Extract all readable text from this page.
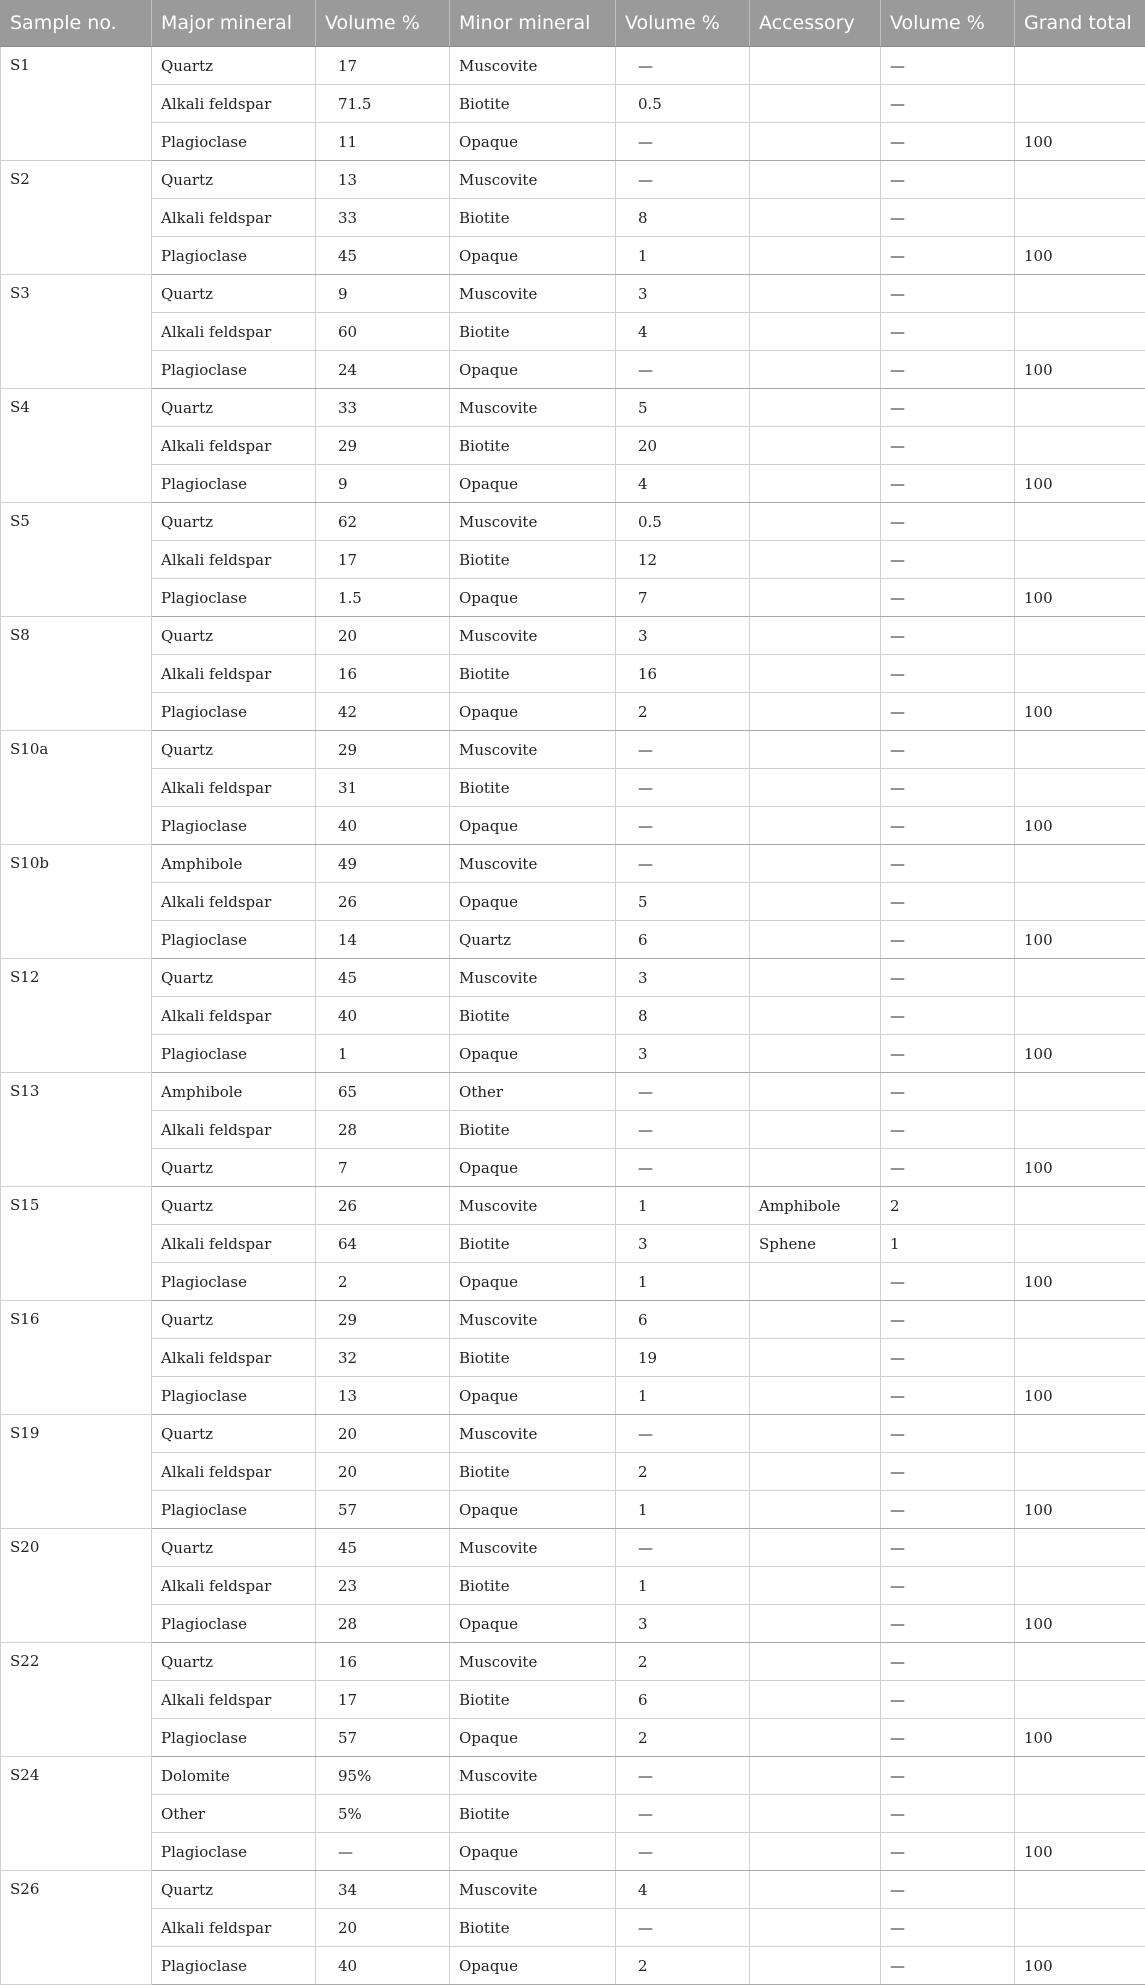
Sample no.	Major mineral	Volume %	Minor mineral	Volume %	Accessory	Volume %	Grand total
S1	Quartz	17	Muscovite	—		—	
	Alkali feldspar	71.5	Biotite	0.5		—	
	Plagioclase	11	Opaque	—		—	100
S2	Quartz	13	Muscovite	—		—	
	Alkali feldspar	33	Biotite	8		—	
	Plagioclase	45	Opaque	1		—	100
S3	Quartz	9	Muscovite	3		—	
	Alkali feldspar	60	Biotite	4		—	
	Plagioclase	24	Opaque	—		—	100
S4	Quartz	33	Muscovite	5		—	
	Alkali feldspar	29	Biotite	20		—	
	Plagioclase	9	Opaque	4		—	100
S5	Quartz	62	Muscovite	0.5		—	
	Alkali feldspar	17	Biotite	12		—	
	Plagioclase	1.5	Opaque	7		—	100
S8	Quartz	20	Muscovite	3		—	
	Alkali feldspar	16	Biotite	16		—	
	Plagioclase	42	Opaque	2		—	100
S10a	Quartz	29	Muscovite	—		—	
	Alkali feldspar	31	Biotite	—		—	
	Plagioclase	40	Opaque	—		—	100
S10b	Amphibole	49	Muscovite	—		—	
	Alkali feldspar	26	Opaque	5		—	
	Plagioclase	14	Quartz	6		—	100
S12	Quartz	45	Muscovite	3		—	
	Alkali feldspar	40	Biotite	8		—	
	Plagioclase	1	Opaque	3		—	100
S13	Amphibole	65	Other	—		—	
	Alkali feldspar	28	Biotite	—		—	
	Quartz	7	Opaque	—		—	100
S15	Quartz	26	Muscovite	1	Amphibole	2	
	Alkali feldspar	64	Biotite	3	Sphene	1	
	Plagioclase	2	Opaque	1		—	100
S16	Quartz	29	Muscovite	6		—	
	Alkali feldspar	32	Biotite	19		—	
	Plagioclase	13	Opaque	1		—	100
S19	Quartz	20	Muscovite	—		—	
	Alkali feldspar	20	Biotite	2		—	
	Plagioclase	57	Opaque	1		—	100
S20	Quartz	45	Muscovite	—		—	
	Alkali feldspar	23	Biotite	1		—	
	Plagioclase	28	Opaque	3		—	100
S22	Quartz	16	Muscovite	2		—	
	Alkali feldspar	17	Biotite	6		—	
	Plagioclase	57	Opaque	2		—	100
S24	Dolomite	95%	Muscovite	—		—	
	Other	5%	Biotite	—		—	
	Plagioclase	—	Opaque	—		—	100
S26	Quartz	34	Muscovite	4		—	
	Alkali feldspar	20	Biotite	—		—	
	Plagioclase	40	Opaque	2		—	100
